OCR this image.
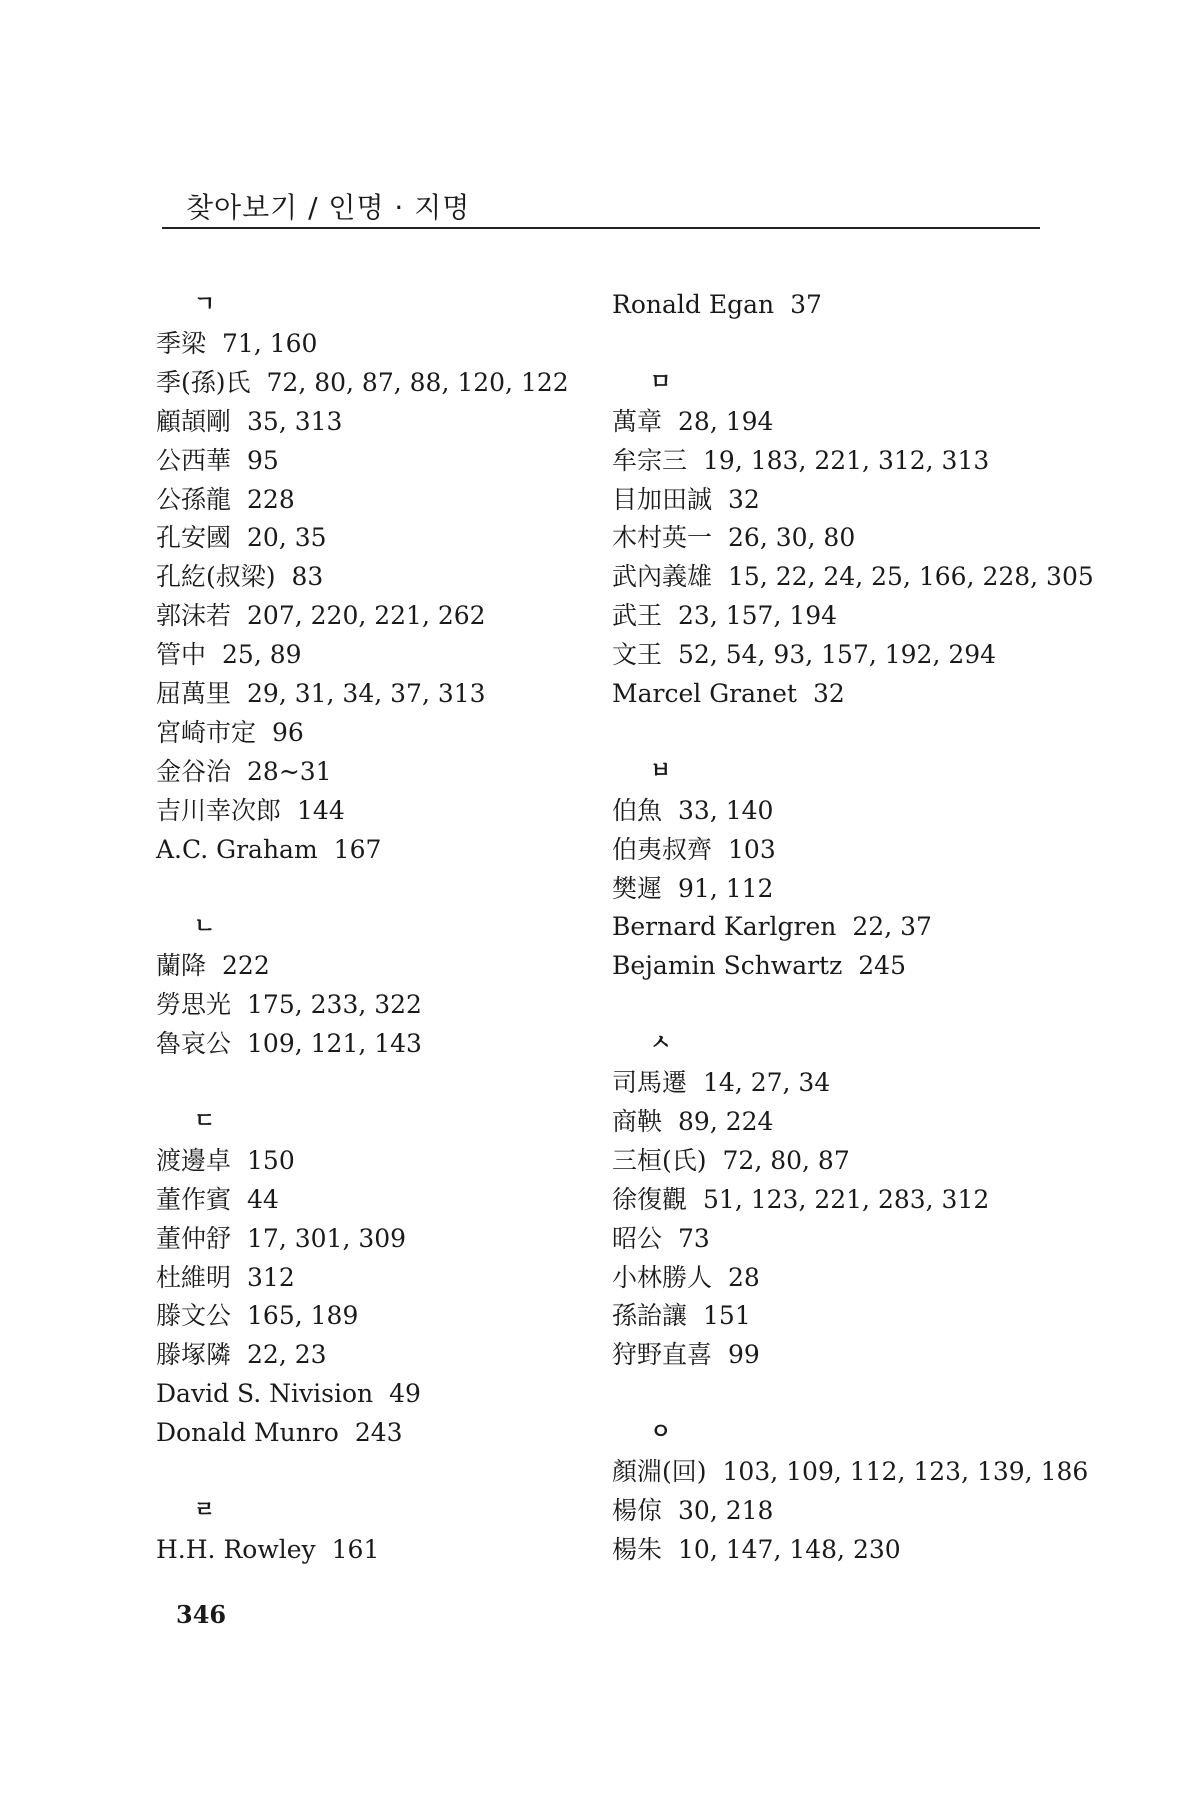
찾아보기 / 인명 · 지명
ㄱ
季梁 71, 160
季(孫)氏 72, 80, 87, 88, 120, 122
顧頡剛 35, 313
公西華 95
公孫龍 228
孔安國 20, 35
孔紇(叔梁) 83
郭沫若 207, 220, 221, 262
管中 25, 89
屈萬里 29, 31, 34, 37, 313
宮崎市定 96
金谷治 28~31
吉川幸次郎 144
A.C. Graham 167
ㄴ
蘭降 222
勞思光 175, 233, 322
魯哀公 109, 121, 143
ㄷ
渡邊卓 150
董作賓 44
董仲舒 17, 301, 309
杜維明 312
滕文公 165, 189
滕塚隣 22, 23
David S. Nivision 49
Donald Munro 243
ㄹ
H.H. Rowley 161
Ronald Egan 37
ㅁ
萬章 28, 194
牟宗三 19, 183, 221, 312, 313
目加田誠 32
木村英一 26, 30, 80
武內義雄 15, 22, 24, 25, 166, 228, 305
武王 23, 157, 194
文王 52, 54, 93, 157, 192, 294
Marcel Granet 32
ㅂ
伯魚 33, 140
伯夷叔齊 103
樊遲 91, 112
Bernard Karlgren 22, 37
Bejamin Schwartz 245
ㅅ
司馬遷 14, 27, 34
商鞅 89, 224
三桓(氏) 72, 80, 87
徐復觀 51, 123, 221, 283, 312
昭公 73
小林勝人 28
孫詒讓 151
狩野直喜 99
ㅇ
顏淵(回) 103, 109, 112, 123, 139, 186
楊倞 30, 218
楊朱 10, 147, 148, 230
346
